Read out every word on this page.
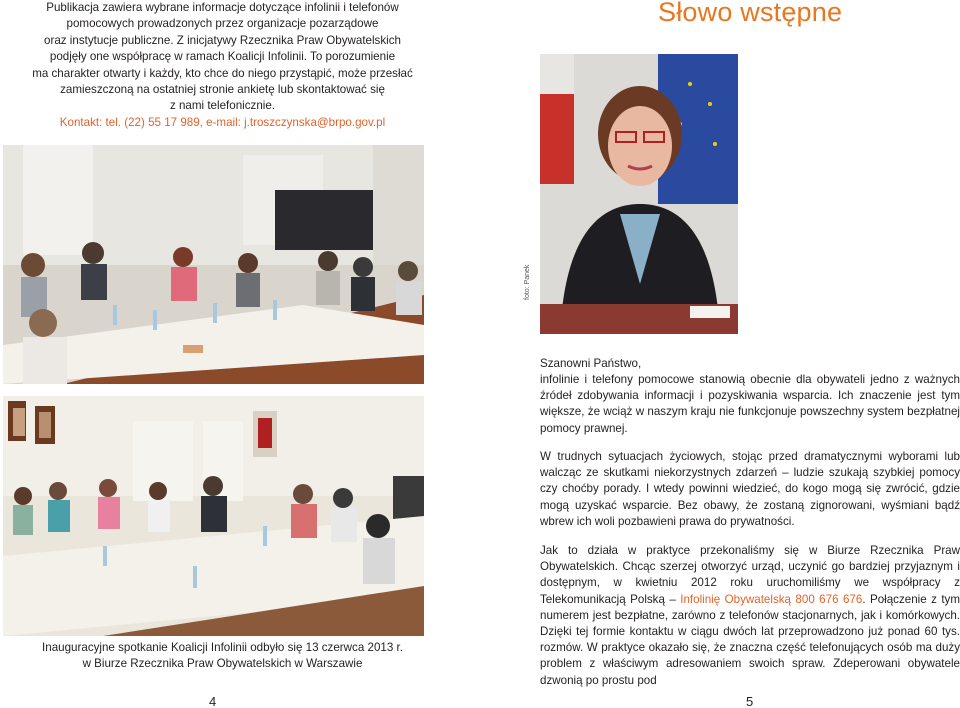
Publikacja zawiera wybrane informacje dotyczące infolinii i telefonów

pomocowych prowadzonych przez organizacje pozarządowe

oraz instytucje publiczne. Z inicjatywy Rzecznika Praw Obywatelskich

podjęły one współpracę w ramach Koalicji Infolinii. To porozumienie

ma charakter otwarty i każdy, kto chce do niego przystąpić, może przesłać

zamieszczoną na ostatniej stronie ankietę lub skontaktować się

z nami telefonicznie.

Kontakt: tel. (22) 55 17 989, e-mail: j.troszczynska@brpo.gov.pl
Inauguracyjne spotkanie Koalicji Infolinii odbyło się 13 czerwca 2013 r.
w Biurze Rzecznika Praw Obywatelskich w Warszawie
4
Słowo wstępne
foto: Panek
Szanowni Państwo,

infolinie i telefony pomocowe stanowią obecnie dla obywateli jedno z ważnych źródeł zdobywania informacji i pozyskiwania wsparcia. Ich znaczenie jest tym większe, że wciąż w naszym kraju nie funkcjonuje powszechny system bezpłatnej pomocy prawnej.

W trudnych sytuacjach życiowych, stojąc przed dramatycznymi wyborami lub walcząc ze skutkami niekorzystnych zdarzeń – ludzie szukają szybkiej pomocy czy choćby porady. I wtedy powinni wiedzieć, do kogo mogą się zwrócić, gdzie mogą uzyskać wsparcie. Bez obawy, że zostaną zignorowani, wyśmiani bądź wbrew ich woli pozbawieni prawa do prywatności.

Jak to działa w praktyce przekonaliśmy się w Biurze Rzecznika Praw Obywatelskich. Chcąc szerzej otworzyć urząd, uczynić go bardziej przyjaznym i dostępnym, w kwietniu 2012 roku uruchomiliśmy we współpracy z Telekomunikacją Polską – Infolinię Obywatelską 800 676 676. Połączenie z tym numerem jest bezpłatne, zarówno z telefonów stacjonarnych, jak i komórkowych. Dzięki tej formie kontaktu w ciągu dwóch lat przeprowadzono już ponad 60 tys. rozmów. W praktyce okazało się, że znaczna część telefonujących osób ma duży problem z właściwym adresowaniem swoich spraw. Zdeperowani obywatele dzwonią po prostu pod

5
